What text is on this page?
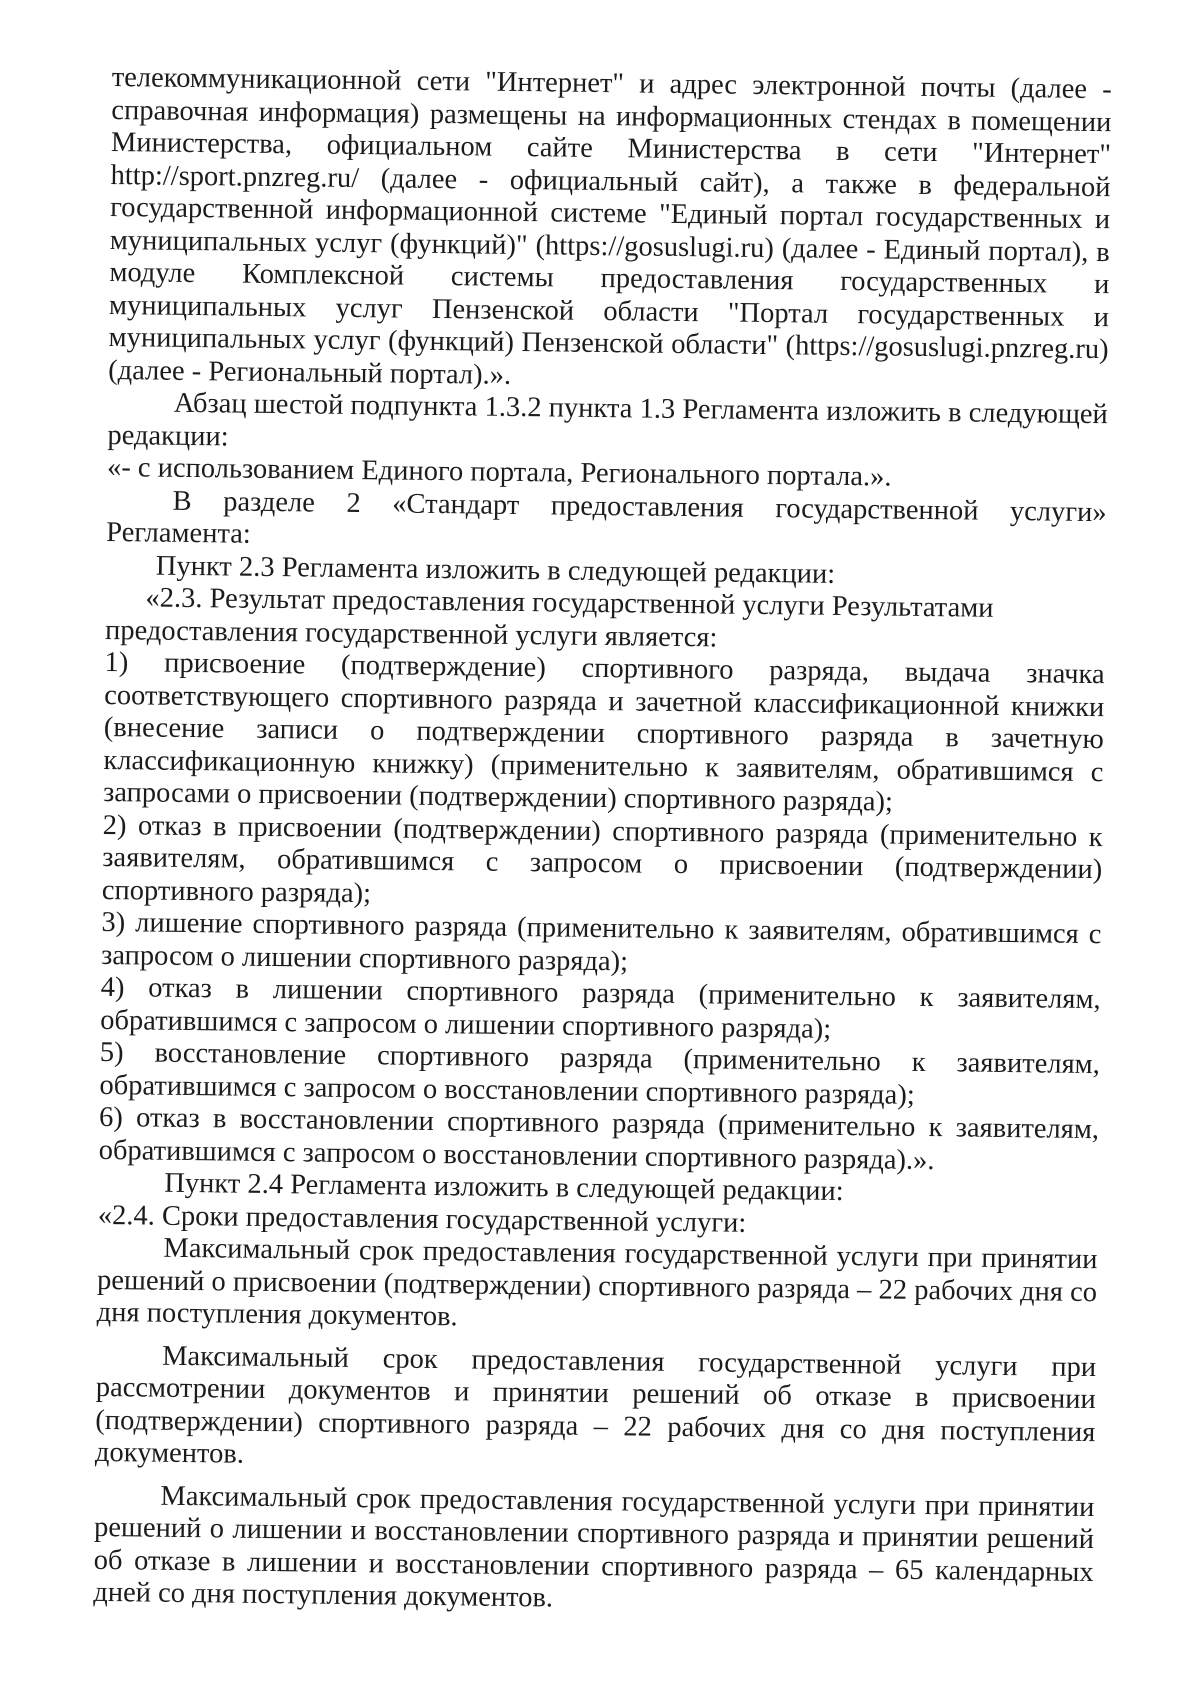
телекоммуникационной сети "Интернет" и адрес электронной почты (далее - справочная информация) размещены на информационных стендах в помещении Министерства, официальном сайте Министерства в сети "Интернет" http://sport.pnzreg.ru/ (далее - официальный сайт), а также в федеральной государственной информационной системе "Единый портал государственных и муниципальных услуг (функций)" (https://gosuslugi.ru) (далее - Единый портал), в модуле Комплексной системы предоставления государственных и муниципальных услуг Пензенской области "Портал государственных и муниципальных услуг (функций) Пензенской области" (https://gosuslugi.pnzreg.ru) (далее - Региональный портал).».

Абзац шестой подпункта 1.3.2 пункта 1.3 Регламента изложить в следующей редакции:

«- с использованием Единого портала, Регионального портала.».

В разделе 2 «Стандарт предоставления государственной услуги» Регламента:

Пункт 2.3 Регламента изложить в следующей редакции:

«2.3. Результат предоставления государственной услуги Результатами предоставления государственной услуги является:

1) присвоение (подтверждение) спортивного разряда, выдача значка соответствующего спортивного разряда и зачетной классификационной книжки (внесение записи о подтверждении спортивного разряда в зачетную классификационную книжку) (применительно к заявителям, обратившимся с запросами о присвоении (подтверждении) спортивного разряда);

2) отказ в присвоении (подтверждении) спортивного разряда (применительно к заявителям, обратившимся с запросом о присвоении (подтверждении) спортивного разряда);

3) лишение спортивного разряда (применительно к заявителям, обратившимся с запросом о лишении спортивного разряда);

4) отказ в лишении спортивного разряда (применительно к заявителям, обратившимся с запросом о лишении спортивного разряда);

5) восстановление спортивного разряда (применительно к заявителям, обратившимся с запросом о восстановлении спортивного разряда);

6) отказ в восстановлении спортивного разряда (применительно к заявителям, обратившимся с запросом о восстановлении спортивного разряда).».

Пункт 2.4 Регламента изложить в следующей редакции:

«2.4. Сроки предоставления государственной услуги:

Максимальный срок предоставления государственной услуги при принятии решений о присвоении (подтверждении) спортивного разряда – 22 рабочих дня со дня поступления документов.

Максимальный срок предоставления государственной услуги при рассмотрении документов и принятии решений об отказе в присвоении (подтверждении) спортивного разряда – 22 рабочих дня со дня поступления документов.

Максимальный срок предоставления государственной услуги при принятии решений о лишении и восстановлении спортивного разряда и принятии решений об отказе в лишении и восстановлении спортивного разряда – 65 календарных дней со дня поступления документов.
